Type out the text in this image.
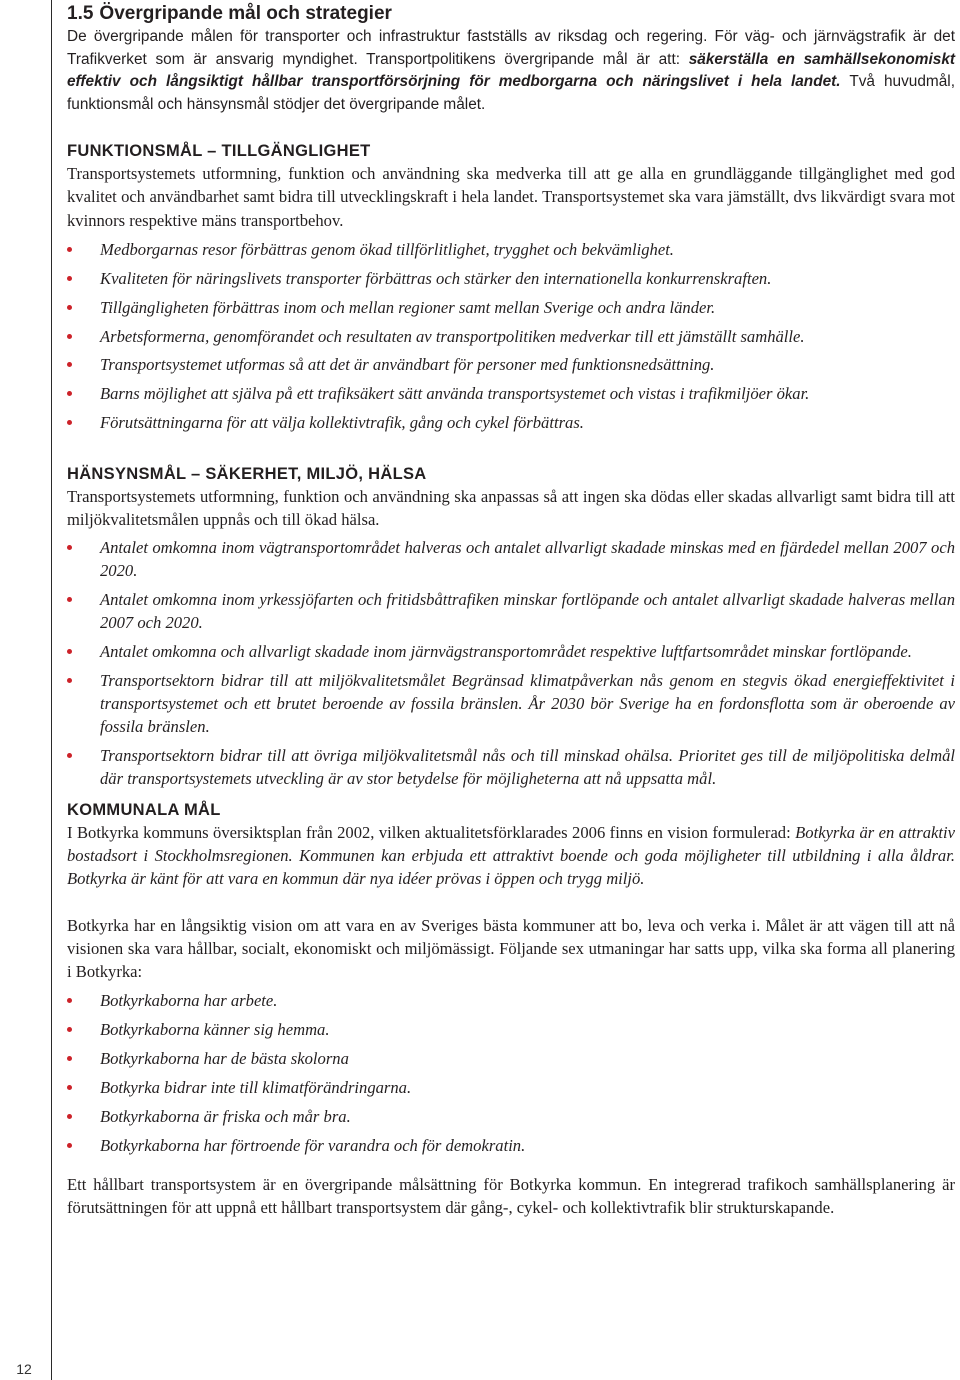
12
1.5 Övergripande mål och strategier

De övergripande målen för transporter och infrastruktur fastställs av riksdag och regering. För väg- och järnvägstrafik är det Trafikverket som är ansvarig myndighet. Transportpolitikens övergripande mål är att: säkerställa en samhällsekonomiskt effektiv och långsiktigt hållbar transportförsörjning för medborgarna och näringslivet i hela landet. Två huvudmål, funktionsmål och hänsynsmål stödjer det övergripande målet.

FUNKTIONSMÅL – TILLGÄNGLIGHET

Transportsystemets utformning, funktion och användning ska medverka till att ge alla en grundläggande tillgänglighet med god kvalitet och användbarhet samt bidra till utvecklingskraft i hela landet. Transportsystemet ska vara jämställt, dvs likvärdigt svara mot kvinnors respektive mäns transportbehov.

Medborgarnas resor förbättras genom ökad tillförlitlighet, trygghet och bekvämlighet.
Kvaliteten för näringslivets transporter förbättras och stärker den internationella konkurrenskraften.
Tillgängligheten förbättras inom och mellan regioner samt mellan Sverige och andra länder.
Arbetsformerna, genomförandet och resultaten av transportpolitiken medverkar till ett jämställt samhälle.
Transportsystemet utformas så att det är användbart för personer med funktionsnedsättning.
Barns möjlighet att själva på ett trafiksäkert sätt använda transportsystemet och vistas i trafikmiljöer ökar.
Förutsättningarna för att välja kollektivtrafik, gång och cykel förbättras.
HÄNSYNSMÅL – SÄKERHET, MILJÖ, HÄLSA

Transportsystemets utformning, funktion och användning ska anpassas så att ingen ska dödas eller skadas allvarligt samt bidra till att miljökvalitetsmålen uppnås och till ökad hälsa.

Antalet omkomna inom vägtransportområdet halveras och antalet allvarligt skadade minskas med en fjärdedel mellan 2007 och 2020.
Antalet omkomna inom yrkessjöfarten och fritidsbåttrafiken minskar fortlöpande och antalet allvarligt skadade halveras mellan 2007 och 2020.
Antalet omkomna och allvarligt skadade inom järnvägstransportområdet respektive luftfartsområdet minskar fortlöpande.
Transportsektorn bidrar till att miljökvalitetsmålet Begränsad klimatpåverkan nås genom en stegvis ökad energieffektivitet i transportsystemet och ett brutet beroende av fossila bränslen. År 2030 bör Sverige ha en fordonsflotta som är oberoende av fossila bränslen.
Transportsektorn bidrar till att övriga miljökvalitetsmål nås och till minskad ohälsa. Prioritet ges till de miljöpolitiska delmål där transportsystemets utveckling är av stor betydelse för möjligheterna att nå uppsatta mål.
KOMMUNALA MÅL

I Botkyrka kommuns översiktsplan från 2002, vilken aktualitetsförklarades 2006 finns en vision formulerad: Botkyrka är en attraktiv bostadsort i Stockholmsregionen. Kommunen kan erbjuda ett attraktivt boende och goda möjligheter till utbildning i alla åldrar. Botkyrka är känt för att vara en kommun där nya idéer prövas i öppen och trygg miljö.

Botkyrka har en långsiktig vision om att vara en av Sveriges bästa kommuner att bo, leva och verka i. Målet är att vägen till att nå visionen ska vara hållbar, socialt, ekonomiskt och miljömässigt. Följande sex utmaningar har satts upp, vilka ska forma all planering i Botkyrka:

Botkyrkaborna har arbete.
Botkyrkaborna känner sig hemma.
Botkyrkaborna har de bästa skolorna
Botkyrka bidrar inte till klimatförändringarna.
Botkyrkaborna är friska och mår bra.
Botkyrkaborna har förtroende för varandra och för demokratin.

Ett hållbart transportsystem är en övergripande målsättning för Botkyrka kommun. En integrerad trafikoch samhällsplanering är förutsättningen för att uppnå ett hållbart transportsystem där gång-, cykel- och kollektivtrafik blir strukturskapande.
